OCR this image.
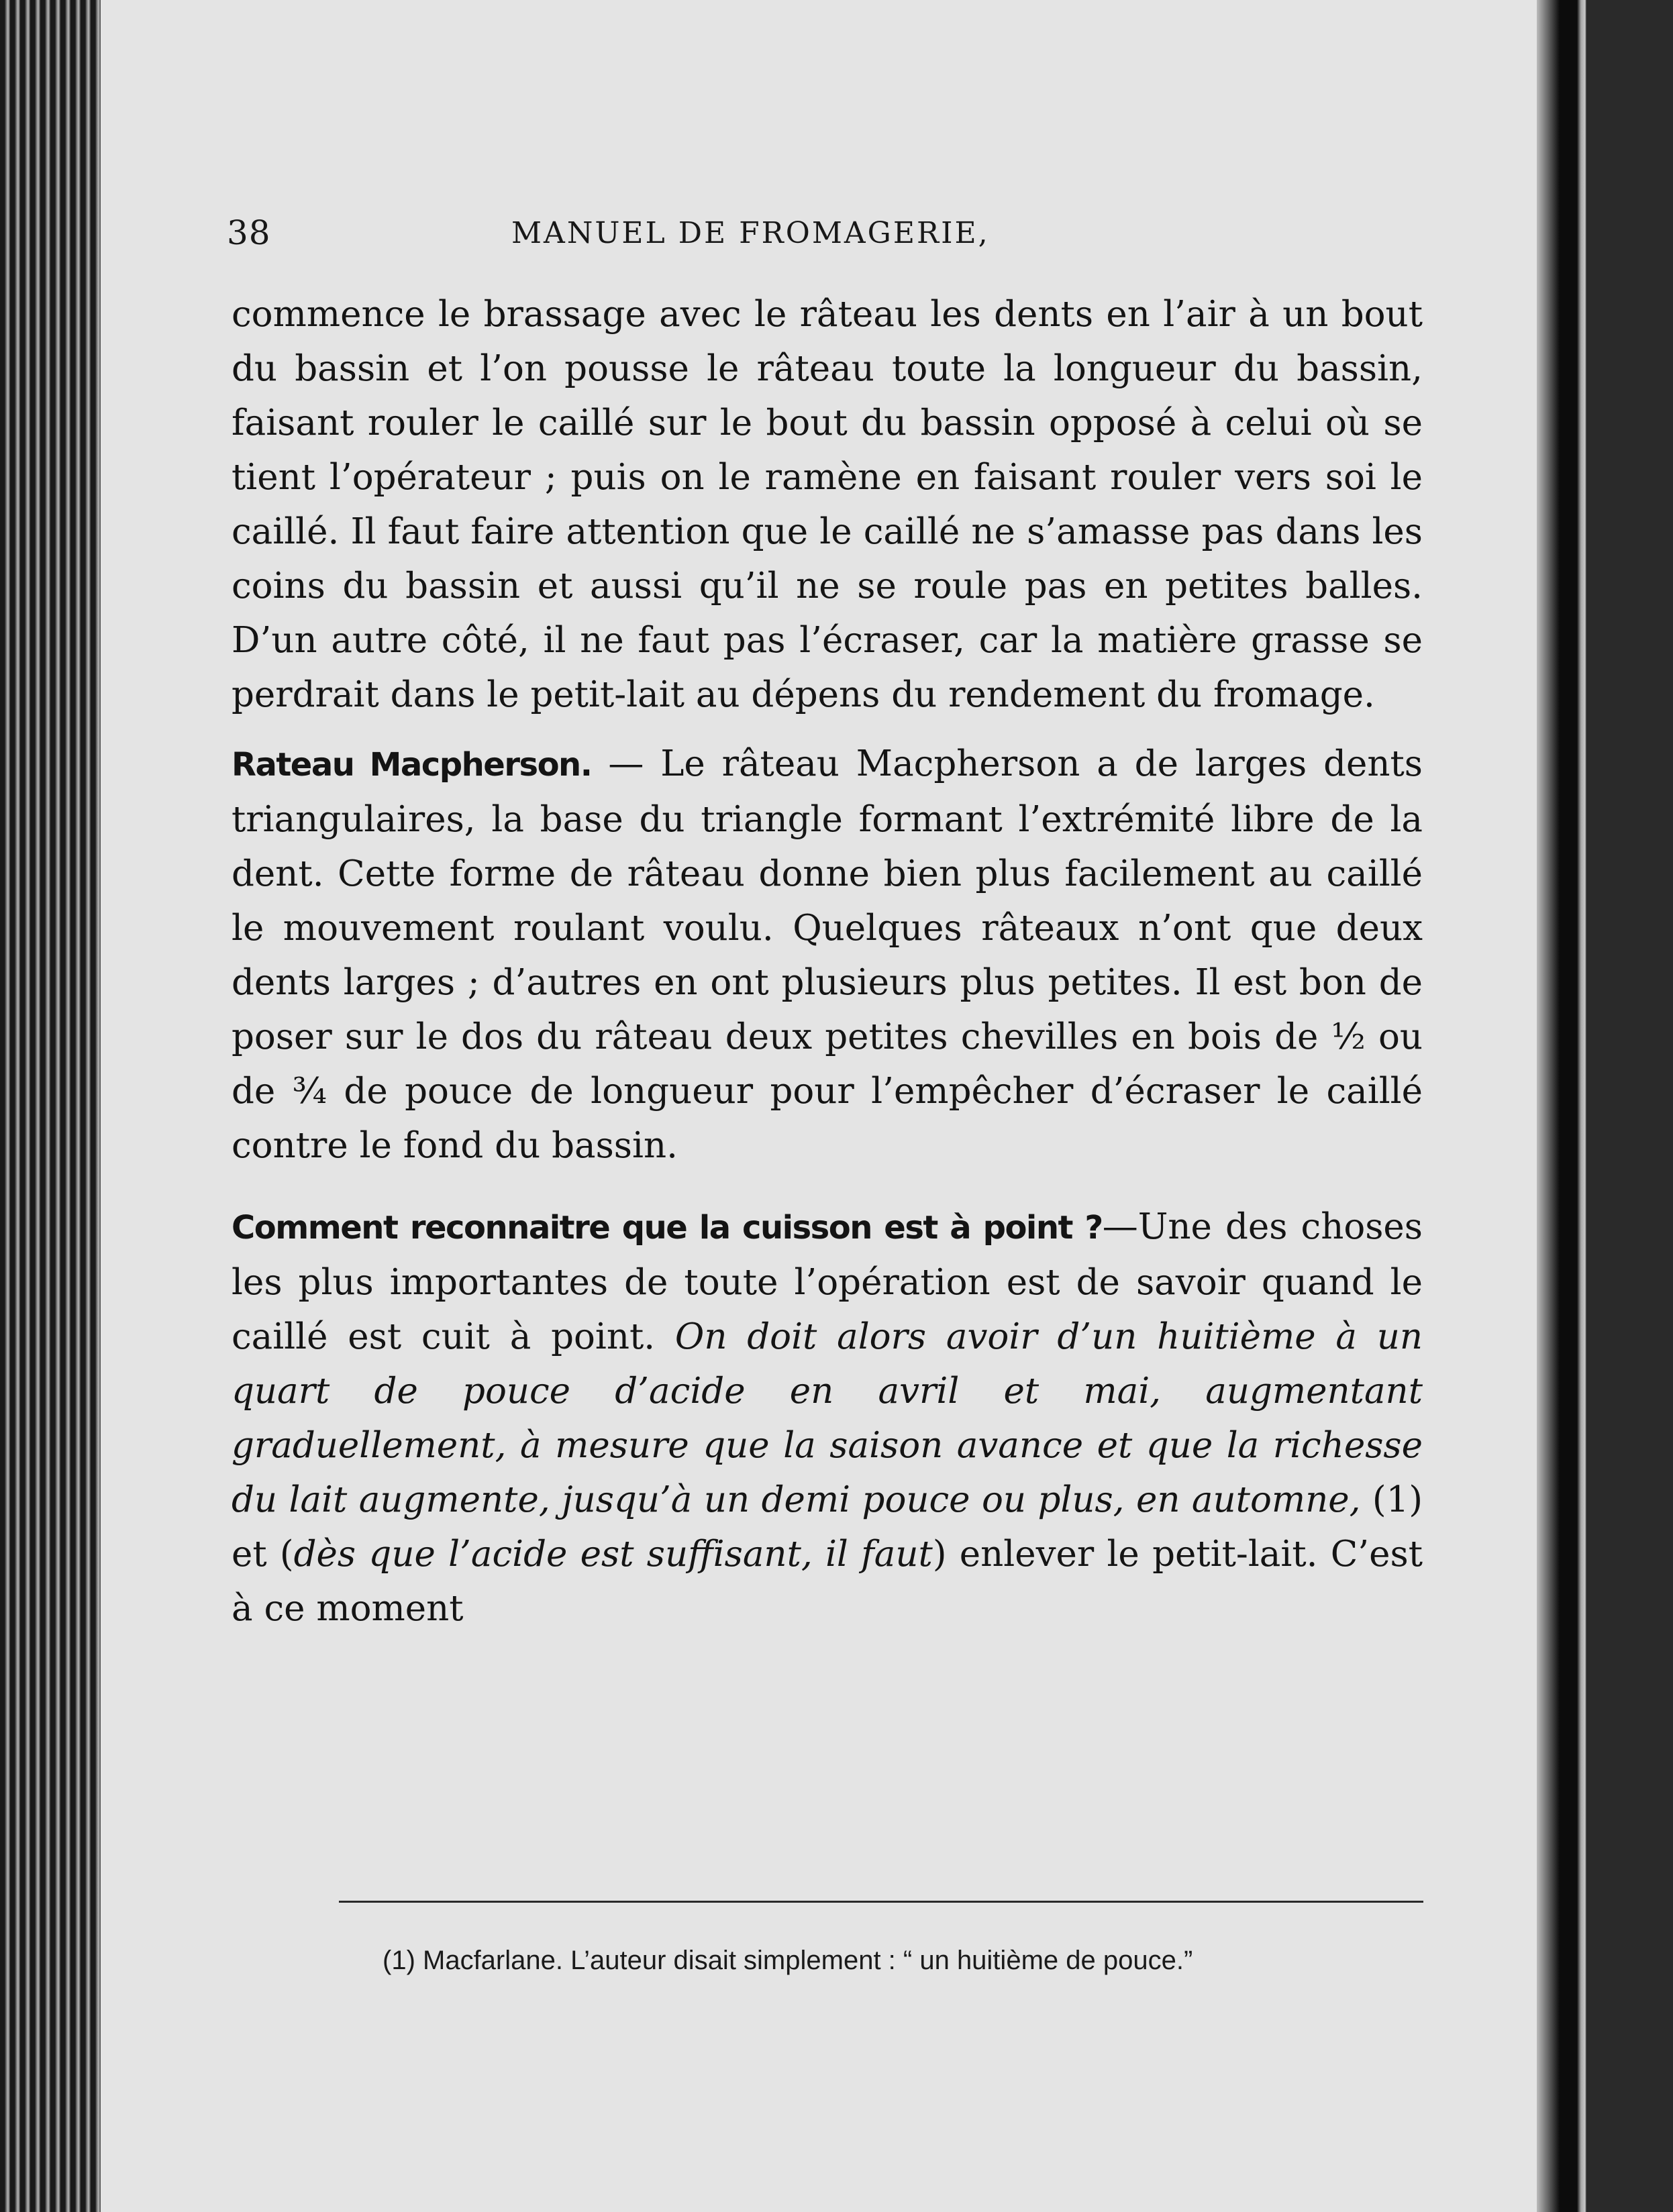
38	MANUEL DE FROMAGERIE,

commence le brassage avec le râteau les dents en l’air à un bout du bassin et l’on pousse le râteau toute la longueur du bassin, faisant rouler le caillé sur le bout du bassin opposé à celui où se tient l’opérateur ; puis on le ramène en faisant rouler vers soi le caillé. Il faut faire attention que le caillé ne s’amasse pas dans les coins du bassin et aussi qu’il ne se roule pas en petites balles. D’un autre côté, il ne faut pas l’écraser, car la matière grasse se perdrait dans le petit-lait au dépens du rendement du fromage.

Rateau Macpherson. — Le râteau Macpherson a de larges dents triangulaires, la base du triangle formant l’extrémité libre de la dent. Cette forme de râteau donne bien plus facilement au caillé le mouvement roulant voulu. Quelques râteaux n’ont que deux dents larges ; d’autres en ont plusieurs plus petites. Il est bon de poser sur le dos du râteau deux petites chevilles en bois de ½ ou de ¾ de pouce de longueur pour l’empêcher d’écraser le caillé contre le fond du bassin.

Comment reconnaitre que la cuisson est à point ?—Une des choses les plus importantes de toute l’opération est de savoir quand le caillé est cuit à point. On doit alors avoir d’un huitième à un quart de pouce d’acide en avril et mai, augmentant graduellement, à mesure que la saison avance et que la richesse du lait augmente, jusqu’à un demi pouce ou plus, en automne, (1) et (dès que l’acide est suffisant, il faut) enlever le petit-lait. C’est à ce moment

(1) Macfarlane. L’auteur disait simplement : “ un huitième de pouce.”
